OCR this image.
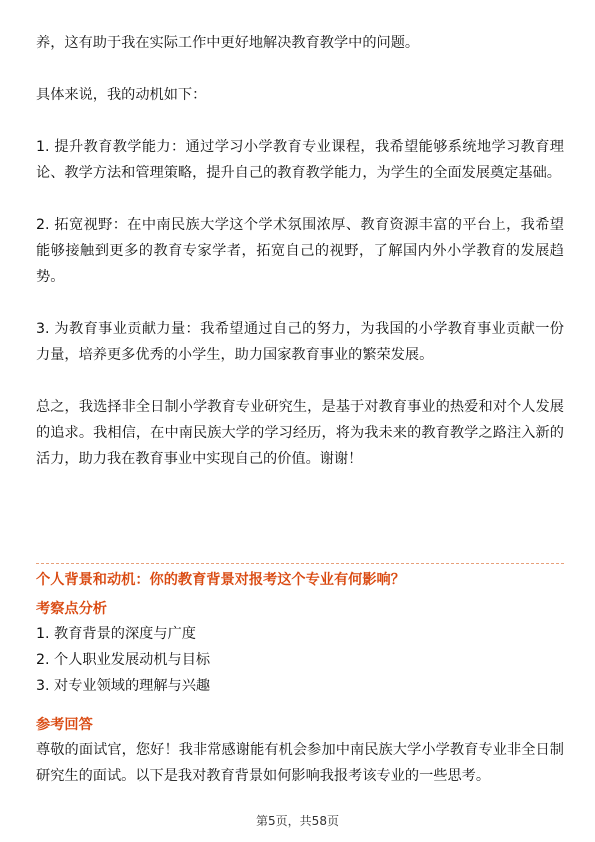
养，这有助于我在实际工作中更好地解决教育教学中的问题。

具体来说，我的动机如下：

1. 提升教育教学能力：通过学习小学教育专业课程，我希望能够系统地学习教育理论、教学方法和管理策略，提升自己的教育教学能力，为学生的全面发展奠定基础。

2. 拓宽视野：在中南民族大学这个学术氛围浓厚、教育资源丰富的平台上，我希望能够接触到更多的教育专家学者，拓宽自己的视野，了解国内外小学教育的发展趋势。

3. 为教育事业贡献力量：我希望通过自己的努力，为我国的小学教育事业贡献一份力量，培养更多优秀的小学生，助力国家教育事业的繁荣发展。

总之，我选择非全日制小学教育专业研究生，是基于对教育事业的热爱和对个人发展的追求。我相信，在中南民族大学的学习经历，将为我未来的教育教学之路注入新的活力，助力我在教育事业中实现自己的价值。谢谢！

个人背景和动机：你的教育背景对报考这个专业有何影响？

考察点分析

1. 教育背景的深度与广度

2. 个人职业发展动机与目标

3. 对专业领域的理解与兴趣

参考回答

尊敬的面试官，您好！我非常感谢能有机会参加中南民族大学小学教育专业非全日制研究生的面试。以下是我对教育背景如何影响我报考该专业的一些思考。

第5页，共58页
